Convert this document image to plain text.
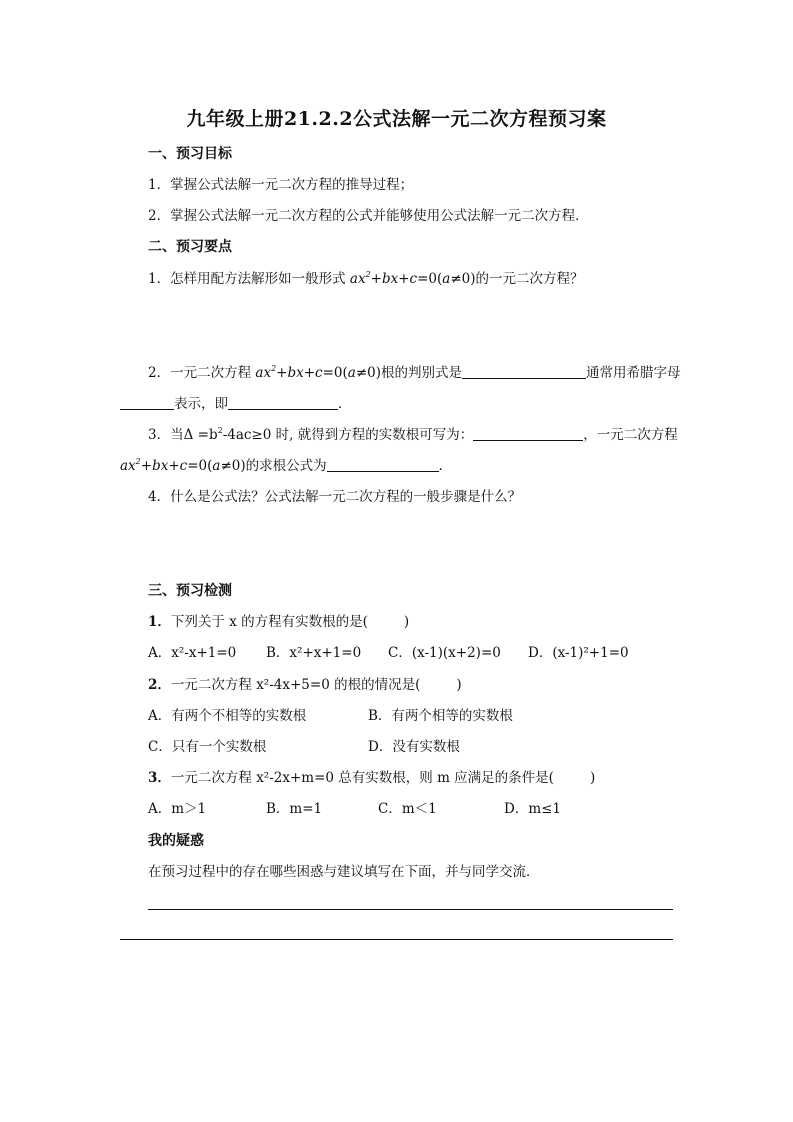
九年级上册21.2.2公式法解一元二次方程预习案
一、预习目标
1．掌握公式法解一元二次方程的推导过程；
2．掌握公式法解一元二次方程的公式并能够使用公式法解一元二次方程．
二、预习要点
1．怎样用配方法解形如一般形式 $ax^2+bx+c=0(a\ne 0)$的一元二次方程？
2．一元二次方程 $ax^2+bx+c=0(a\ne 0)$根的判别式是	通常用希腊字母
表示，即	．
3．当$\Delta =b^2-4ac\ge 0$ 时, 就得到方程的实数根可写为：	，一元二次方程
$ax^2+bx+c=0(a\ne 0)$的求根公式为	．
4．什么是公式法？公式法解一元二次方程的一般步骤是什么？
三、预习检测
1．下列关于 x 的方程有实数根的是(	)
A．x²-x+1=0 B．x²+x+1=0 C．(x-1)(x+2)=0 D．(x-1)²+1=0
2．一元二次方程 x²-4x+5=0 的根的情况是(	)
A．有两个不相等的实数根	B．有两个相等的实数根
C．只有一个实数根	D．没有实数根
3．一元二次方程 x²-2x+m=0 总有实数根，则 m 应满足的条件是(	)
A．m＞1	B．m=1	C．m＜1	D．m≤1
我的疑惑
在预习过程中的存在哪些困惑与建议填写在下面，并与同学交流．
